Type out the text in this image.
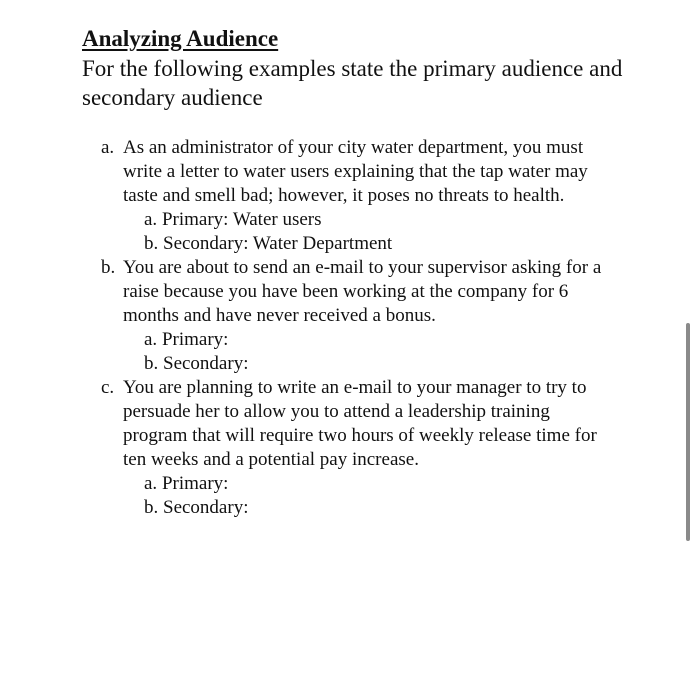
Analyzing Audience

For the following examples state the primary audience and secondary audience

a. As an administrator of your city water department, you must write a letter to water users explaining that the tap water may taste and smell bad; however, it poses no threats to health.
a. Primary: Water users
b. Secondary: Water Department
b. You are about to send an e-mail to your supervisor asking for a raise because you have been working at the company for 6 months and have never received a bonus.
a. Primary:
b. Secondary:
c. You are planning to write an e-mail to your manager to try to persuade her to allow you to attend a leadership training program that will require two hours of weekly release time for ten weeks and a potential pay increase.
a. Primary:
b. Secondary:
